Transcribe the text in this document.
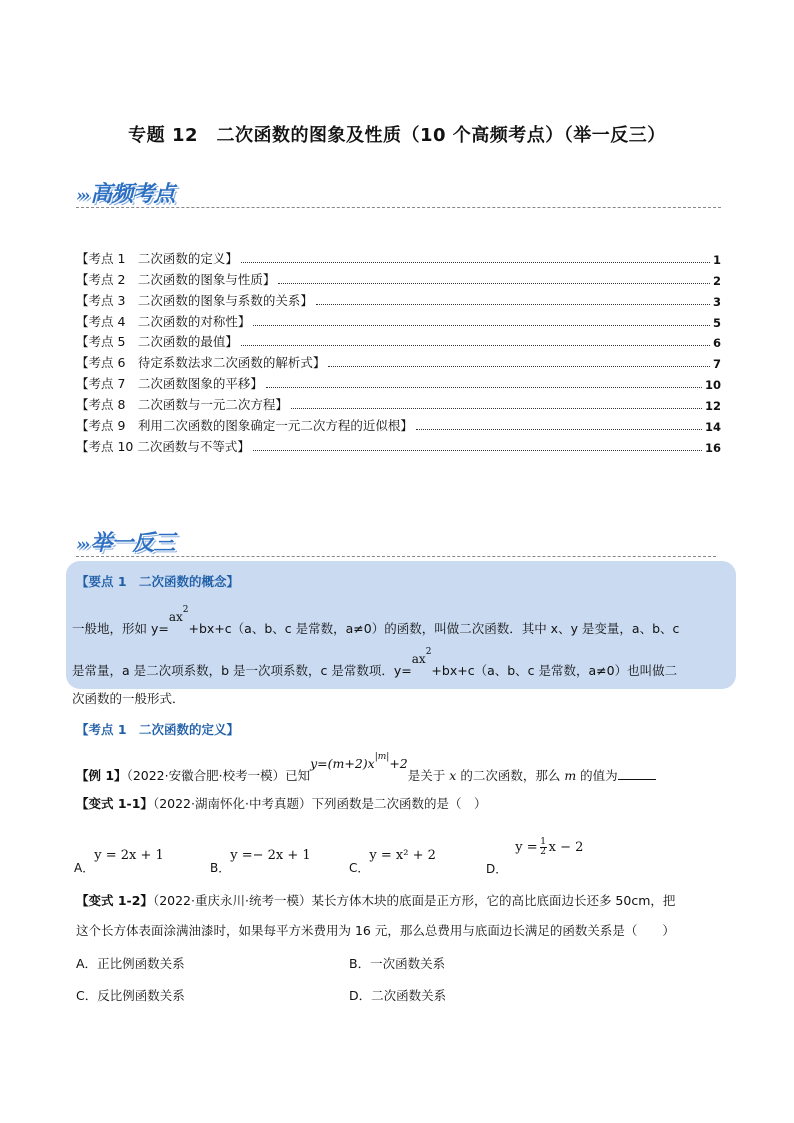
专题 12　二次函数的图象及性质（10 个高频考点）（举一反三）
››› 高频考点
【考点 1　二次函数的定义】	1
【考点 2　二次函数的图象与性质】	2
【考点 3　二次函数的图象与系数的关系】	3
【考点 4　二次函数的对称性】	5
【考点 5　二次函数的最值】	6
【考点 6　待定系数法求二次函数的解析式】	7
【考点 7　二次函数图象的平移】	10
【考点 8　二次函数与一元二次方程】	12
【考点 9　利用二次函数的图象确定一元二次方程的近似根】	14
【考点 10 二次函数与不等式】	16
››› 举一反三
【要点 1　二次函数的概念】
一般地，形如 $y=ax^2+bx+c(a$、b、c 是常数，a≠0）的函数，叫做二次函数．其中 x、y 是变量，a、b、c
是常量，a 是二次项系数，b 是一次项系数，c 是常数项．$y=ax^2+bx+c(a$、b、c 是常数，a≠0）也叫做二
次函数的一般形式．
【考点 1　二次函数的定义】
【例 1】（2022·安徽合肥·校考一模）已知$y=(m+2)x^{|m|}+2$是关于 x 的二次函数，那么 m 的值为
【变式 1-1】（2022·湖南怀化·中考真题）下列函数是二次函数的是（　）
A．y = 2x + 1
B．y =− 2x + 1
C．y = x² + 2
D．
y = 1
2 x − 2
【变式 1-2】（2022·重庆永川·统考一模）某长方体木块的底面是正方形，它的高比底面边长还多 50cm，把
这个长方体表面涂满油漆时，如果每平方米费用为 16 元，那么总费用与底面边长满足的函数关系是（　　）
A．正比例函数关系	B．一次函数关系
C．反比例函数关系	D．二次函数关系
